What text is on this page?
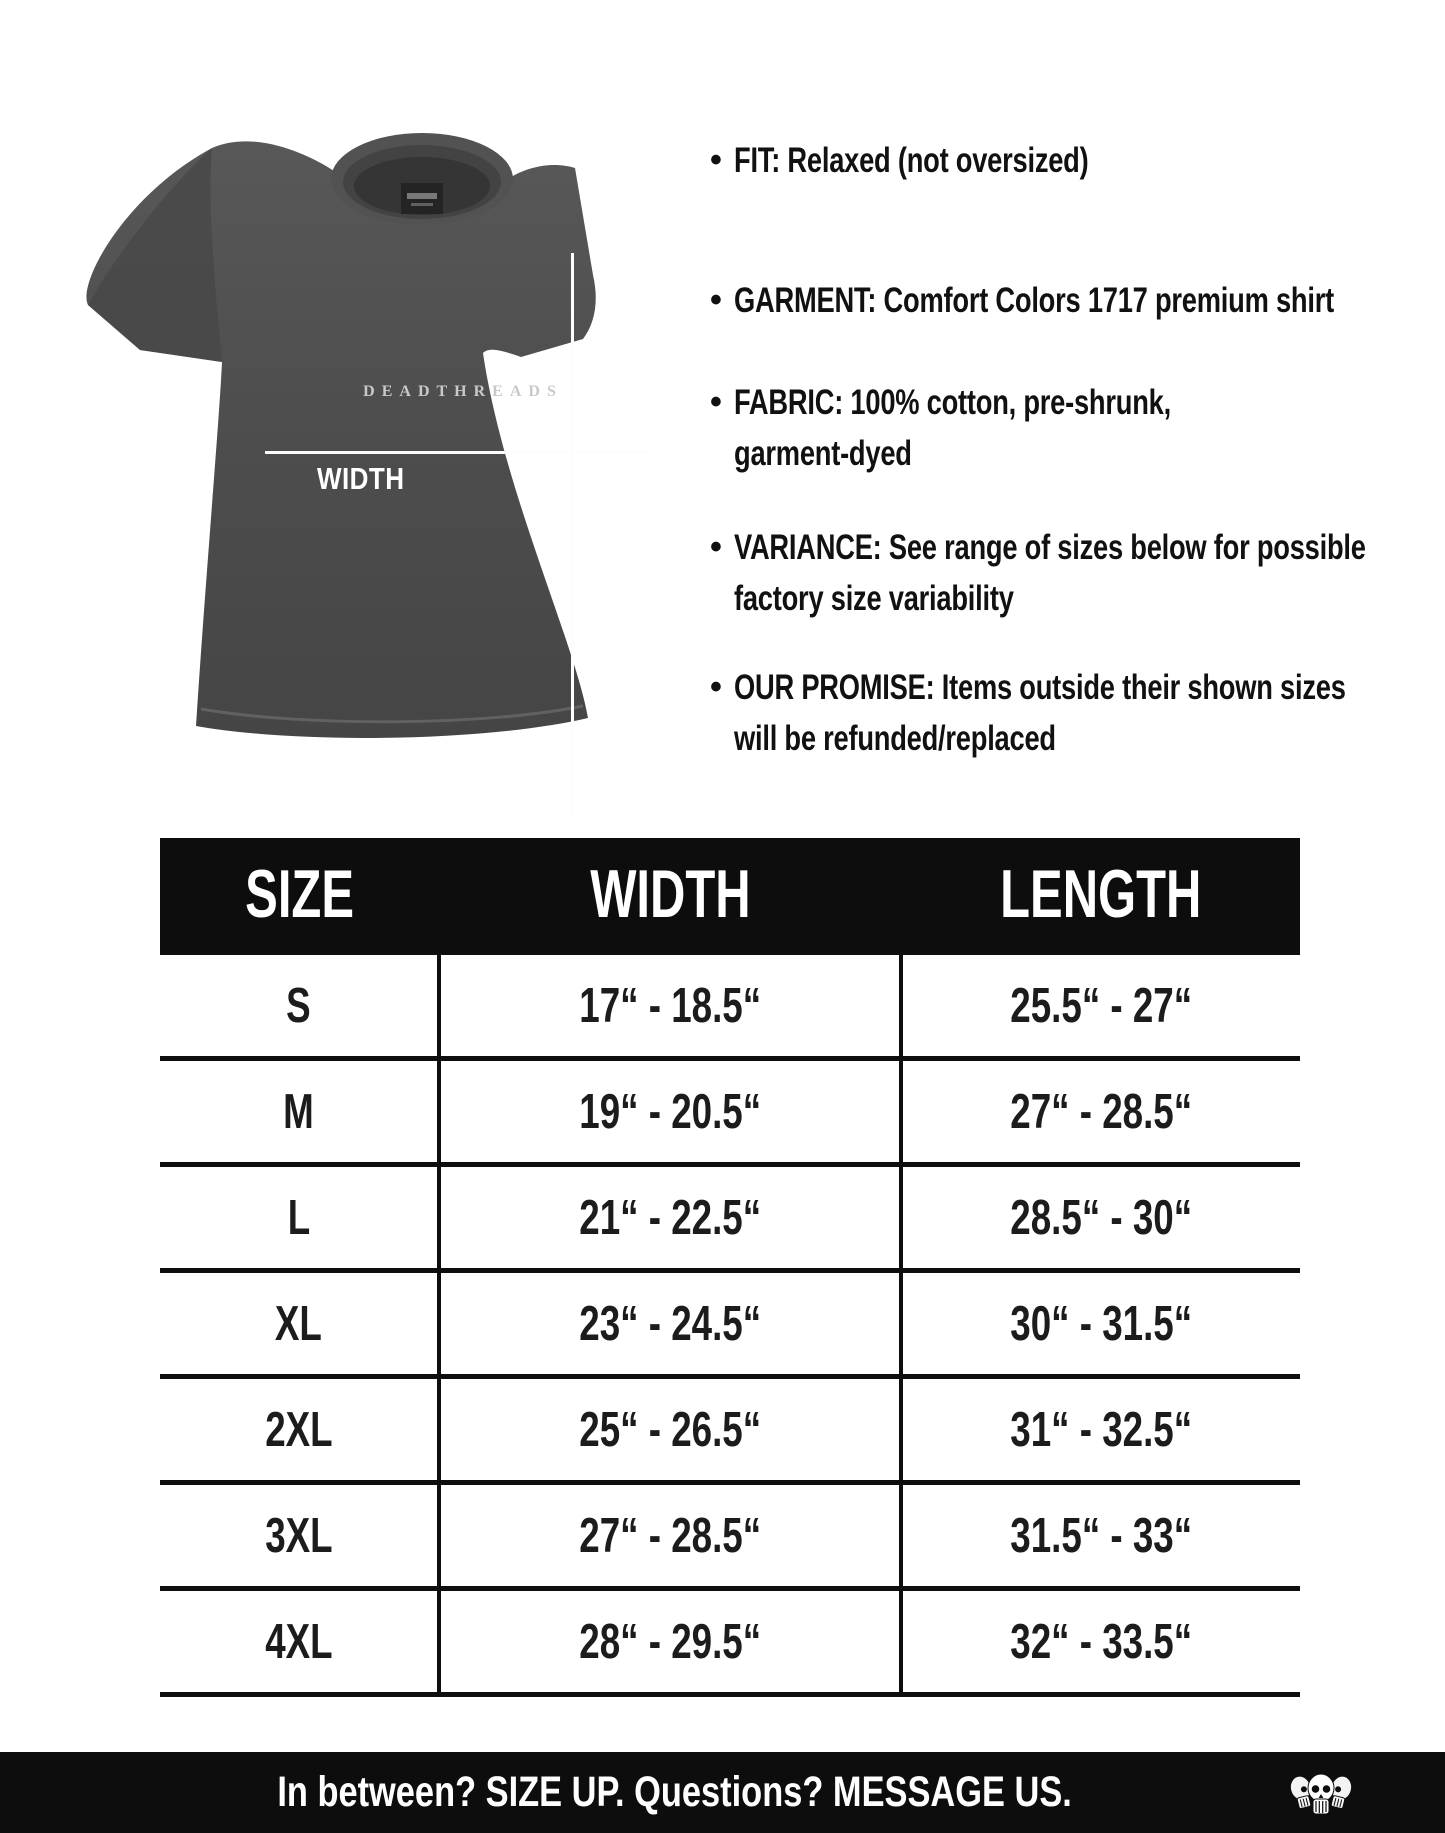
DEADTHREADS
WIDTH
LENGTH
• FIT: Relaxed (not oversized)
• GARMENT: Comfort Colors 1717 premium shirt
• FABRIC: 100% cotton, pre-shrunk,
garment-dyed
• VARIANCE: See range of sizes below for possible
factory size variability
• OUR PROMISE: Items outside their shown sizes
will be refunded/replaced
SIZE	WIDTH	LENGTH
S	17“ - 18.5“	25.5“ - 27“
M	19“ - 20.5“	27“ - 28.5“
L	21“ - 22.5“	28.5“ - 30“
XL	23“ - 24.5“	30“ - 31.5“
2XL	25“ - 26.5“	31“ - 32.5“
3XL	27“ - 28.5“	31.5“ - 33“
4XL	28“ - 29.5“	32“ - 33.5“
In between? SIZE UP. Questions? MESSAGE US.
